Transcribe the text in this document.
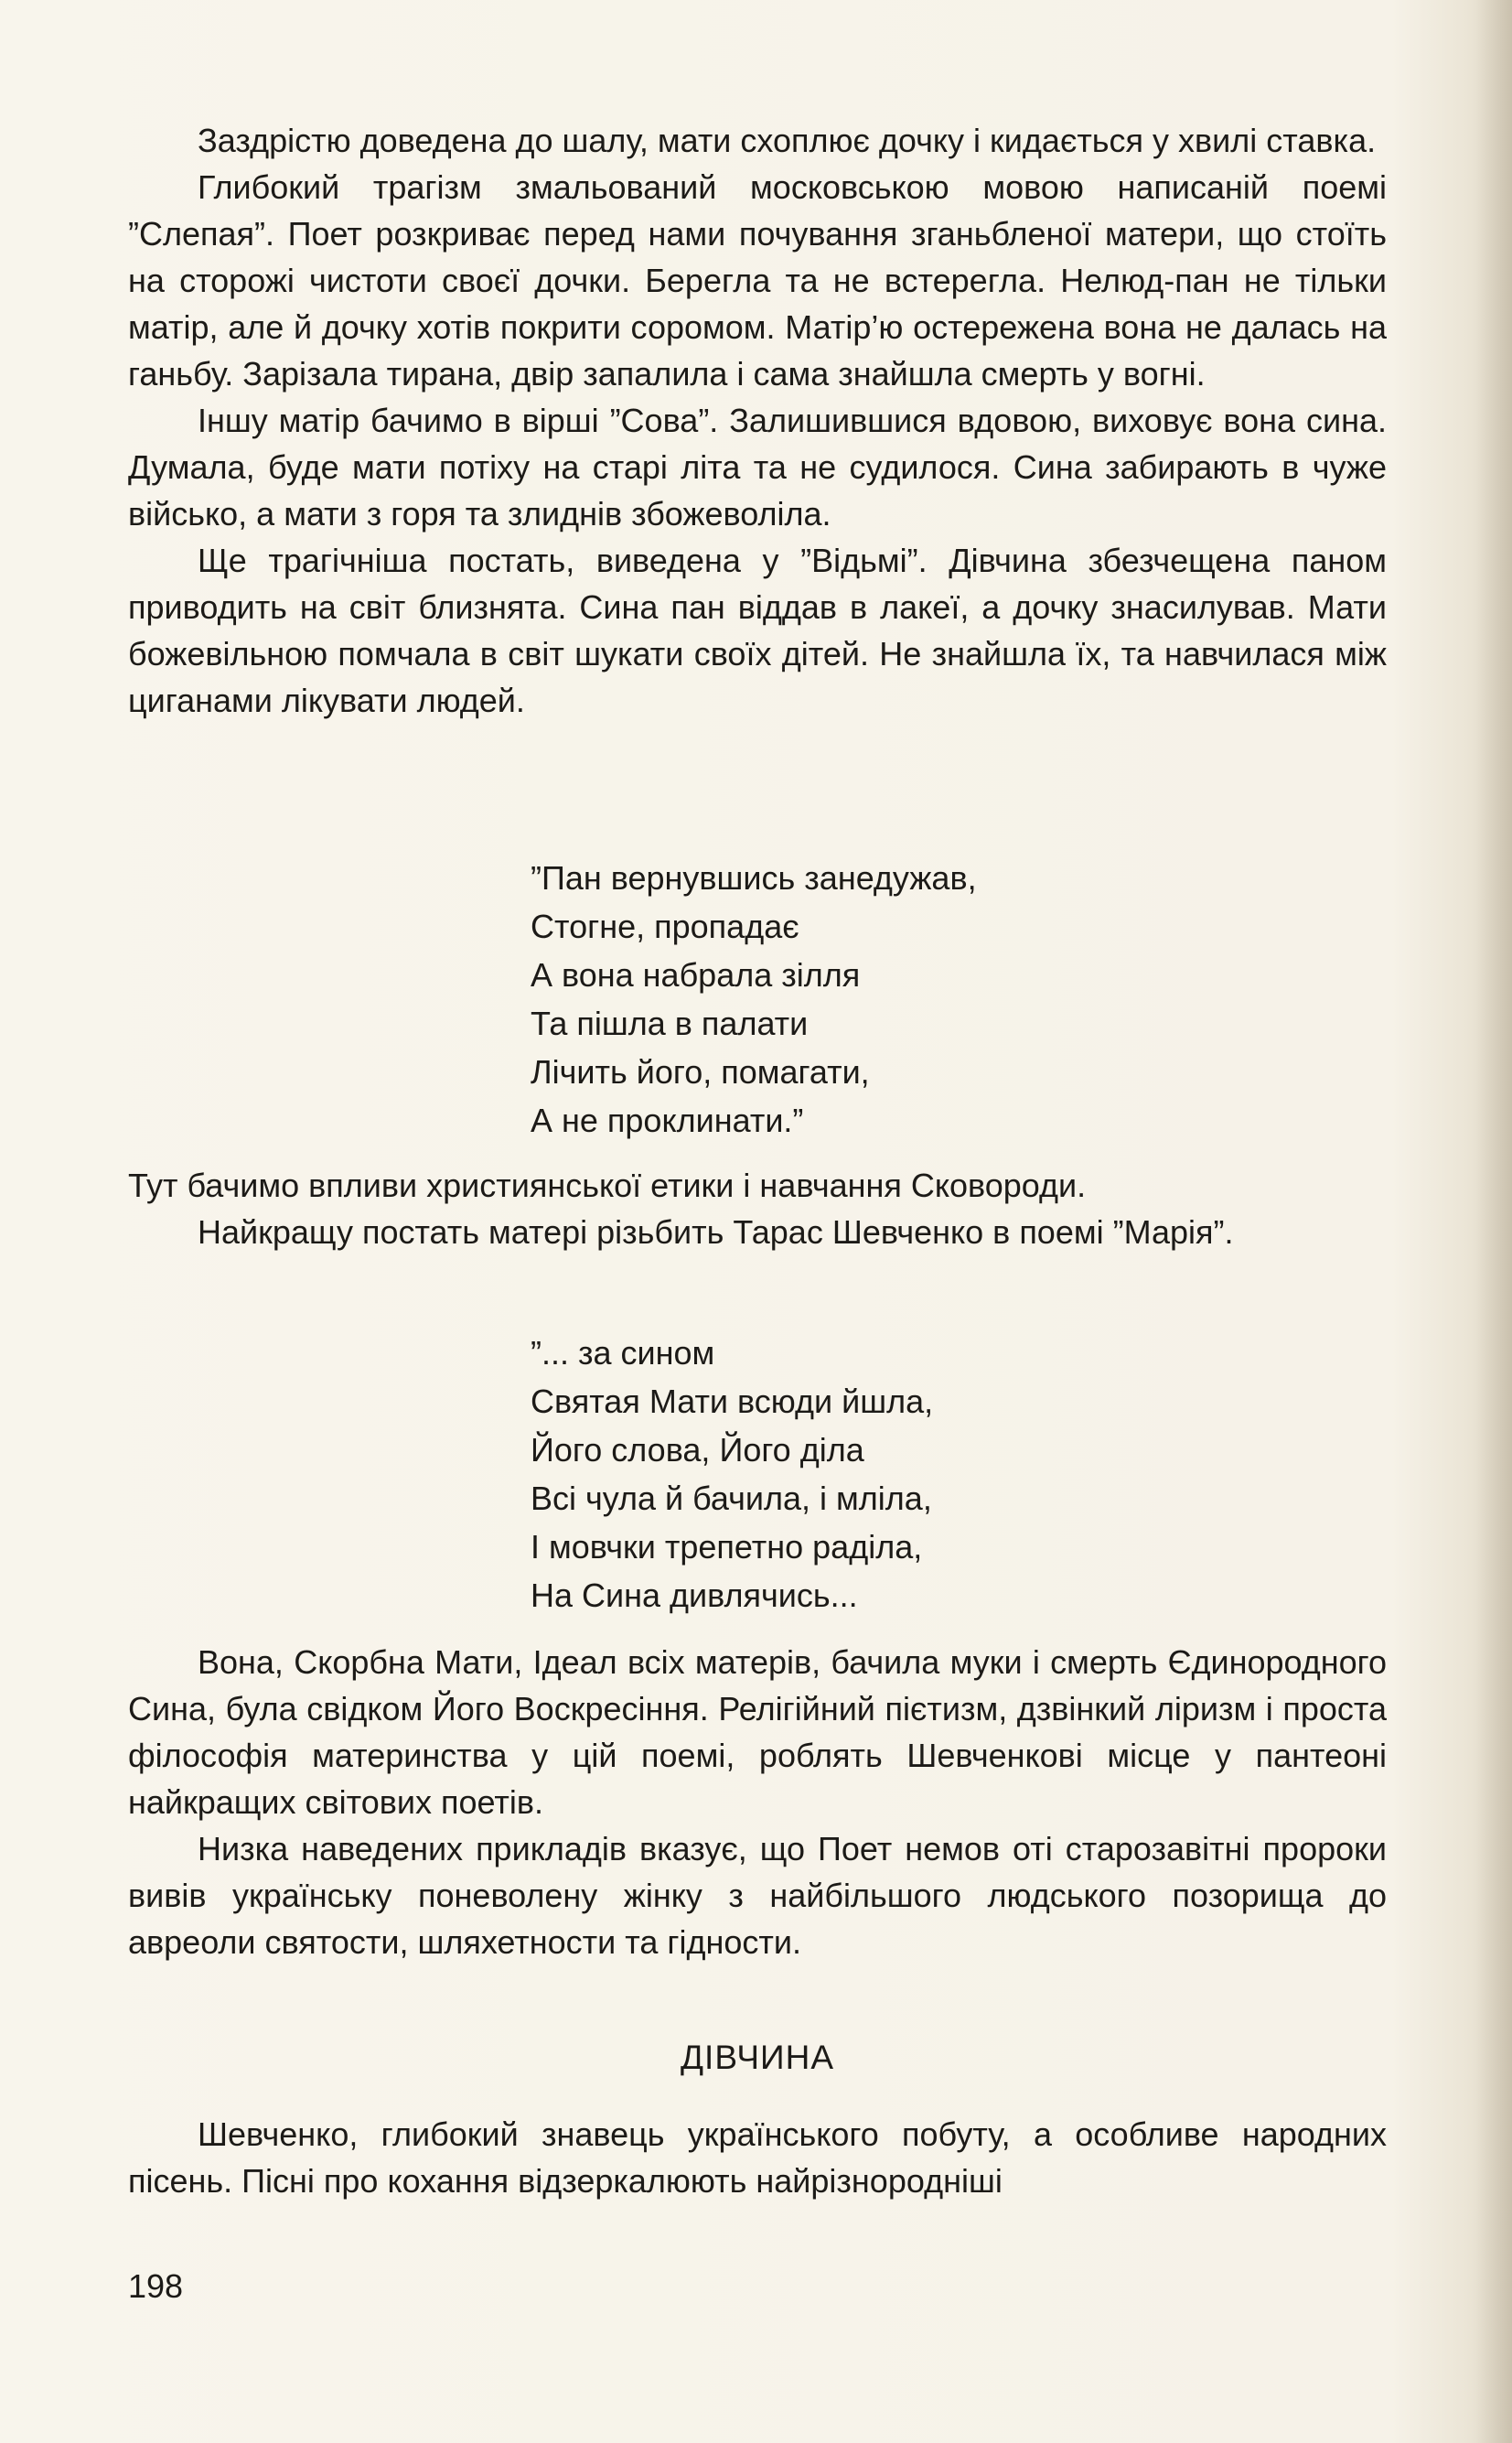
Заздрістю доведена до шалу, мати схоплює дочку і кидається у хвилі ставка.

Глибокий трагізм змальований московською мовою написаній поемі ”Слепая”. Поет розкриває перед нами почування зганьбленої матери, що стоїть на сторожі чистоти своєї дочки. Берегла та не встерегла. Нелюд-пан не тільки матір, але й дочку хотів покрити соромом. Матір’ю остережена вона не далась на ганьбу. Зарізала тирана, двір запалила і сама знайшла смерть у вогні.

Іншу матір бачимо в вірші ”Сова”. Залишившися вдовою, виховує вона сина. Думала, буде мати потіху на старі літа та не судилося. Сина забирають в чуже військо, а мати з горя та злиднів збожеволіла.

Ще трагічніша постать, виведена у ”Відьмі”. Дівчина збезчещена паном приводить на світ близнята. Сина пан віддав в лакеї, а дочку знасилував. Мати божевільною помчала в світ шукати своїх дітей. Не знайшла їх, та навчилася між циганами лікувати людей.

”Пан вернувшись занедужав,
Стогне, пропадає
А вона набрала зілля
Та пішла в палати
Лічить його, помагати,
А не проклинати.”

Тут бачимо впливи християнської етики і навчання Сковороди.

Найкращу постать матері різьбить Тарас Шевченко в поемі ”Марія”.

”... за сином
Святая Мати всюди йшла,
Його слова, Його діла
Всі чула й бачила, і мліла,
І мовчки трепетно раділа,
На Сина дивлячись...

Вона, Скорбна Мати, Ідеал всіх матерів, бачила муки і смерть Єдинородного Сина, була свідком Його Воскресіння. Релігійний пієтизм, дзвінкий ліризм і проста філософія материнства у цій поемі, роблять Шевченкові місце у пантеоні найкращих світових поетів.

Низка наведених прикладів вказує, що Поет немов оті старозавітні пророки вивів українську поневолену жінку з найбільшого людського позорища до авреоли святости, шляхетности та гідности.

ДІВЧИНА

Шевченко, глибокий знавець українського побуту, а особливе народних пісень. Пісні про кохання відзеркалюють найрізнородніші

198
